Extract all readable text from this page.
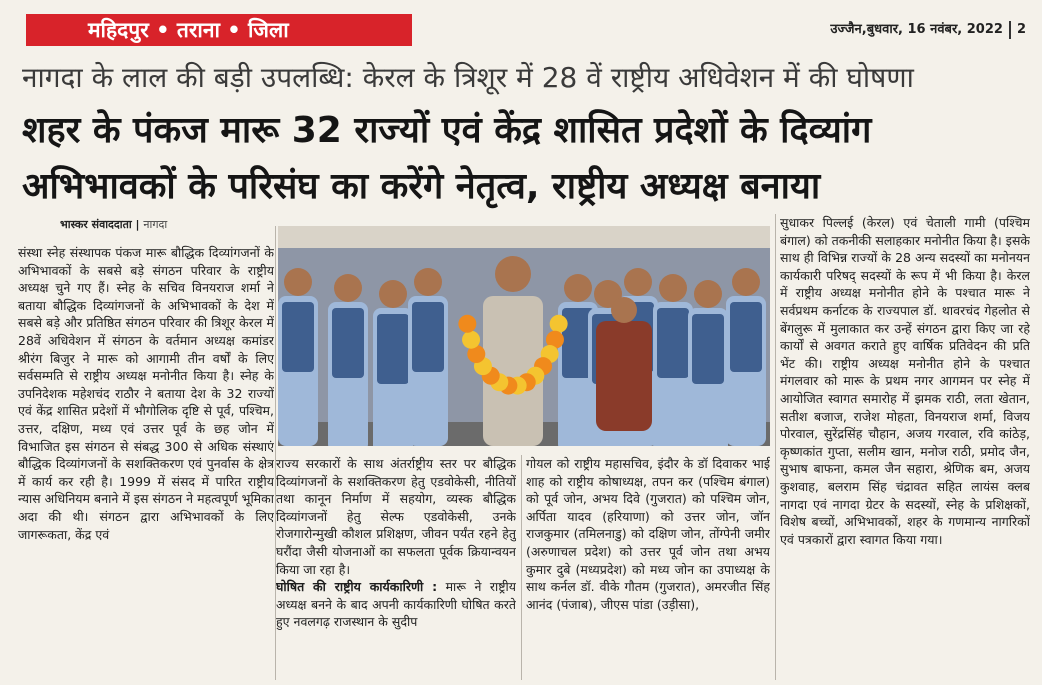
महिदपुर • तराना • जिला	उज्जैन,बुधवार, 16 नवंबर, 2022 2
नागदा के लाल की बड़ी उपलब्धि: केरल के त्रिशूर में 28 वें राष्ट्रीय अधिवेशन में की घोषणा
शहर के पंकज मारू 32 राज्यों एवं केंद्र शासित प्रदेशों के दिव्यांग अभिभावकों के परिसंघ का करेंगे नेतृत्व, राष्ट्रीय अध्यक्ष बनाया
भास्कर संवाददाता | नागदा
संस्था स्नेह संस्थापक पंकज मारू बौद्धिक दिव्यांगजनों के अभिभावकों के सबसे बड़े संगठन परिवार के राष्ट्रीय अध्यक्ष चुने गए हैं। स्नेह के सचिव विनयराज शर्मा ने बताया बौद्धिक दिव्यांगजनों के अभिभावकों के देश में सबसे बड़े और प्रतिष्ठित संगठन परिवार की त्रिशूर केरल में 28वें अधिवेशन में संगठन के वर्तमान अध्यक्ष कमांडर श्रीरंग बिजुर ने मारू को आगामी तीन वर्षों के लिए सर्वसम्मति से राष्ट्रीय अध्यक्ष मनोनीत किया है। स्नेह के उपनिदेशक महेशचंद राठौर ने बताया देश के 32 राज्यों एवं केंद्र शासित प्रदेशों में भौगोलिक दृष्टि से पूर्व, पश्चिम, उत्तर, दक्षिण, मध्य एवं उत्तर पूर्व के छह जोन में विभाजित इस संगठन से संबद्ध 300 से अधिक संस्थाएं बौद्धिक दिव्यांगजनों के सशक्तिकरण एवं पुनर्वास के क्षेत्र में कार्य कर रही है। 1999 में संसद में पारित राष्ट्रीय न्यास अधिनियम बनाने में इस संगठन ने महत्वपूर्ण भूमिका अदा की थी। संगठन द्वारा अभिभावकों के लिए जागरूकता, केंद्र एवं
राज्य सरकारों के साथ अंतर्राष्ट्रीय स्तर पर बौद्धिक दिव्यांगजनों के सशक्तिकरण हेतु एडवोकेसी, नीतियों तथा कानून निर्माण में सहयोग, व्यस्क बौद्धिक दिव्यांगजनों हेतु सेल्फ एडवोकेसी, उनके रोजगारोन्मुखी कौशल प्रशिक्षण, जीवन पर्यंत रहने हेतु घरौंदा जैसी योजनाओं का सफलता पूर्वक क्रियान्वयन किया जा रहा है।
घोषित की राष्ट्रीय कार्यकारिणी : मारू ने राष्ट्रीय अध्यक्ष बनने के बाद अपनी कार्यकारिणी घोषित करते हुए नवलगढ़ राजस्थान के सुदीप
गोयल को राष्ट्रीय महासचिव, इंदौर के डॉ दिवाकर भाई शाह को राष्ट्रीय कोषाध्यक्ष, तपन कर (पश्चिम बंगाल) को पूर्व जोन, अभय दिवे (गुजरात) को पश्चिम जोन, अर्पिता यादव (हरियाणा) को उत्तर जोन, जॉन राजकुमार (तमिलनाडु) को दक्षिण जोन, तोंग्पेनी जमीर (अरुणाचल प्रदेश) को उत्तर पूर्व जोन तथा अभय कुमार दुबे (मध्यप्रदेश) को मध्य जोन का उपाध्यक्ष के साथ कर्नल डॉ. वीके गौतम (गुजरात), अमरजीत सिंह आनंद (पंजाब), जीएस पांडा (उड़ीसा),
सुधाकर पिल्लई (केरल) एवं चेताली गामी (पश्चिम बंगाल) को तकनीकी सलाहकार मनोनीत किया है। इसके साथ ही विभिन्न राज्यों के 28 अन्य सदस्यों का मनोनयन कार्यकारी परिषद् सदस्यों के रूप में भी किया है। केरल में राष्ट्रीय अध्यक्ष मनोनीत होने के पश्चात मारू ने सर्वप्रथम कर्नाटक के राज्यपाल डॉ. थावरचंद गेहलोत से बेंगलुरू में मुलाकात कर उन्हें संगठन द्वारा किए जा रहे कार्यों से अवगत कराते हुए वार्षिक प्रतिवेदन की प्रति भेंट की। राष्ट्रीय अध्यक्ष मनोनीत होने के पश्चात मंगलवार को मारू के प्रथम नगर आगमन पर स्नेह में आयोजित स्वागत समारोह में झमक राठी, लता खेतान, सतीश बजाज, राजेश मोहता, विनयराज शर्मा, विजय पोरवाल, सुरेंद्रसिंह चौहान, अजय गरवाल, रवि कांठेड़, कृष्णकांत गुप्ता, सलीम खान, मनोज राठी, प्रमोद जैन, सुभाष बाफना, कमल जैन सहारा, श्रेणिक बम, अजय कुशवाह, बलराम सिंह चंद्रावत सहित लायंस क्लब नागदा एवं नागदा ग्रेटर के सदस्यों, स्नेह के प्रशिक्षकों, विशेष बच्चों, अभिभावकों, शहर के गणमान्य नागरिकों एवं पत्रकारों द्वारा स्वागत किया गया।
